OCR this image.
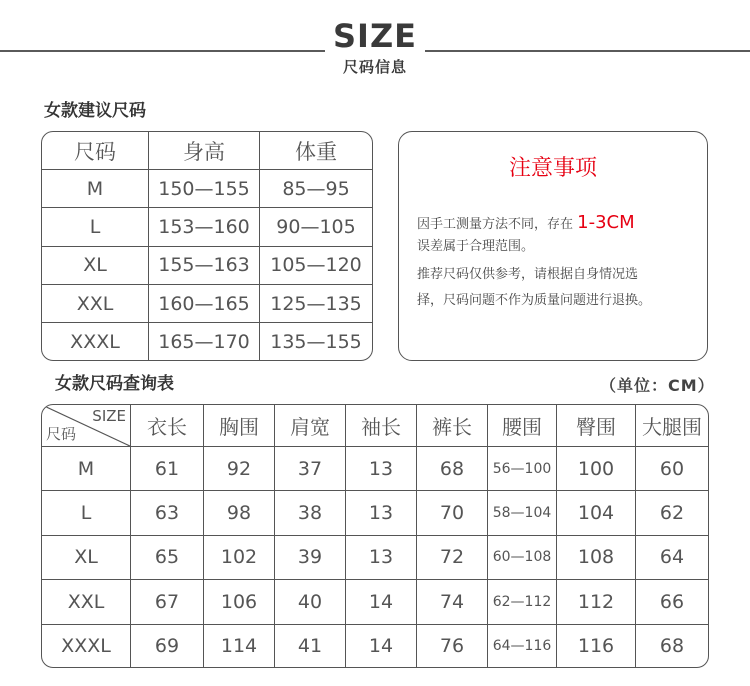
SIZE
尺码信息
女款建议尺码
尺码	身高	体重
M	150—155	85—95
L	153—160	90—105
XL	155—163	105—120
XXL	160—165	125—135
XXXL	165—170	135—155
注意事项
因手工测量方法不同，存在 1-3CM
误差属于合理范围。
推荐尺码仅供参考，请根据自身情况选
择，尺码问题不作为质量问题进行退换。
女款尺码查询表	（单位：CM）
SIZE
尺码	衣长	胸围	肩宽	袖长	裤长	腰围	臀围	大腿围
M	61	92	37	13	68	56—100	100	60
L	63	98	38	13	70	58—104	104	62
XL	65	102	39	13	72	60—108	108	64
XXL	67	106	40	14	74	62—112	112	66
XXXL	69	114	41	14	76	64—116	116	68
